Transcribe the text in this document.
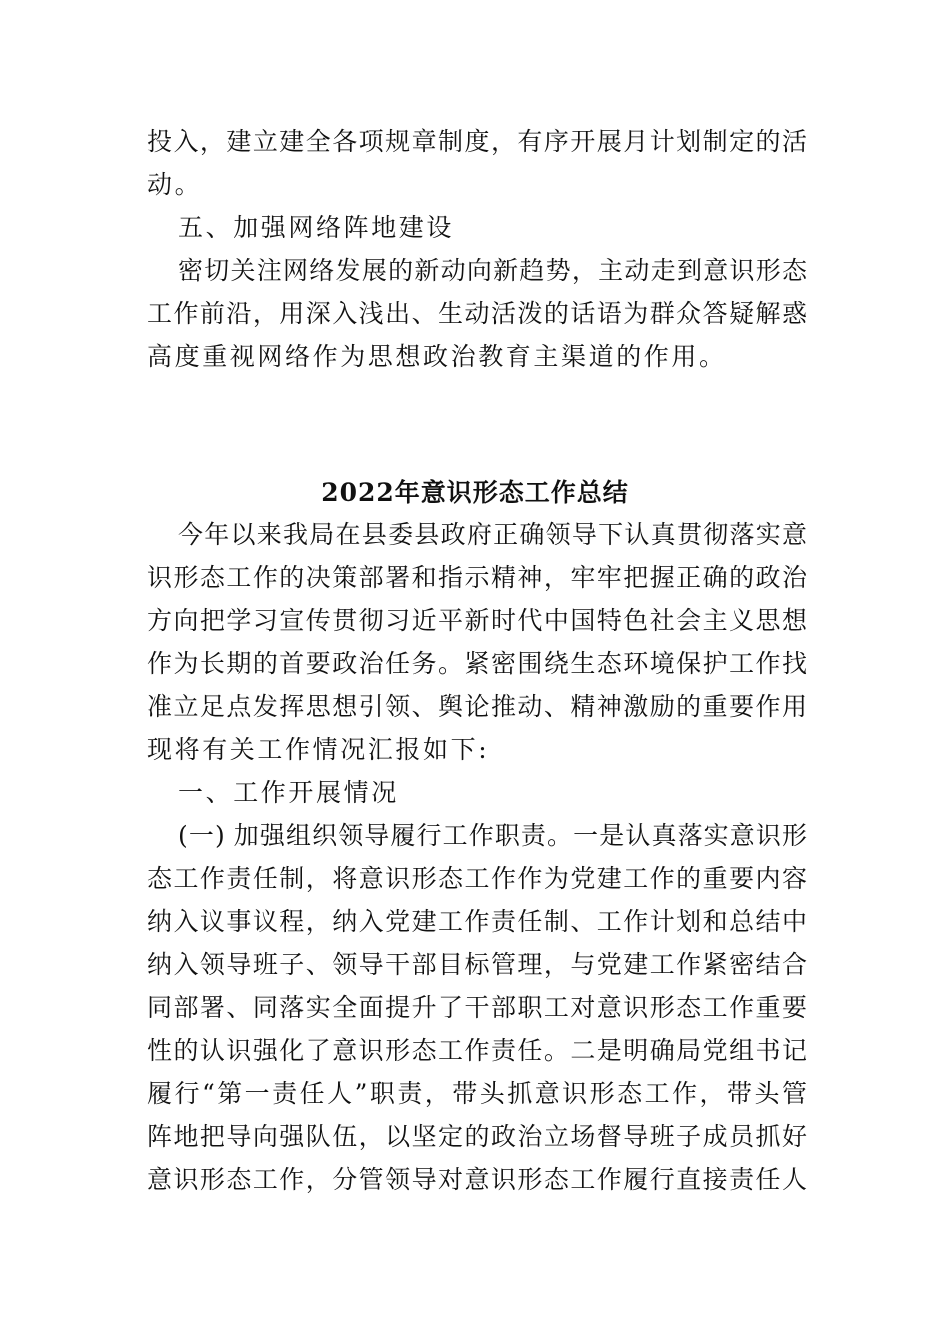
投入，建立建全各项规章制度，有序开展月计划制定的活
动。
五、加强网络阵地建设
密切关注网络发展的新动向新趋势，主动走到意识形态
工作前沿，用深入浅出、生动活泼的话语为群众答疑解惑
高度重视网络作为思想政治教育主渠道的作用。
2022年意识形态工作总结
今年以来我局在县委县政府正确领导下认真贯彻落实意
识形态工作的决策部署和指示精神，牢牢把握正确的政治
方向把学习宣传贯彻习近平新时代中国特色社会主义思想
作为长期的首要政治任务。紧密围绕生态环境保护工作找
准立足点发挥思想引领、舆论推动、精神激励的重要作用
现将有关工作情况汇报如下:
一、工作开展情况
(一) 加强组织领导履行工作职责。一是认真落实意识形
态工作责任制，将意识形态工作作为党建工作的重要内容
纳入议事议程，纳入党建工作责任制、工作计划和总结中
纳入领导班子、领导干部目标管理，与党建工作紧密结合
同部署、同落实全面提升了干部职工对意识形态工作重要
性的认识强化了意识形态工作责任。二是明确局党组书记
履行“第一责任人”职责，带头抓意识形态工作，带头管
阵地把导向强队伍，以坚定的政治立场督导班子成员抓好
意识形态工作，分管领导对意识形态工作履行直接责任人
